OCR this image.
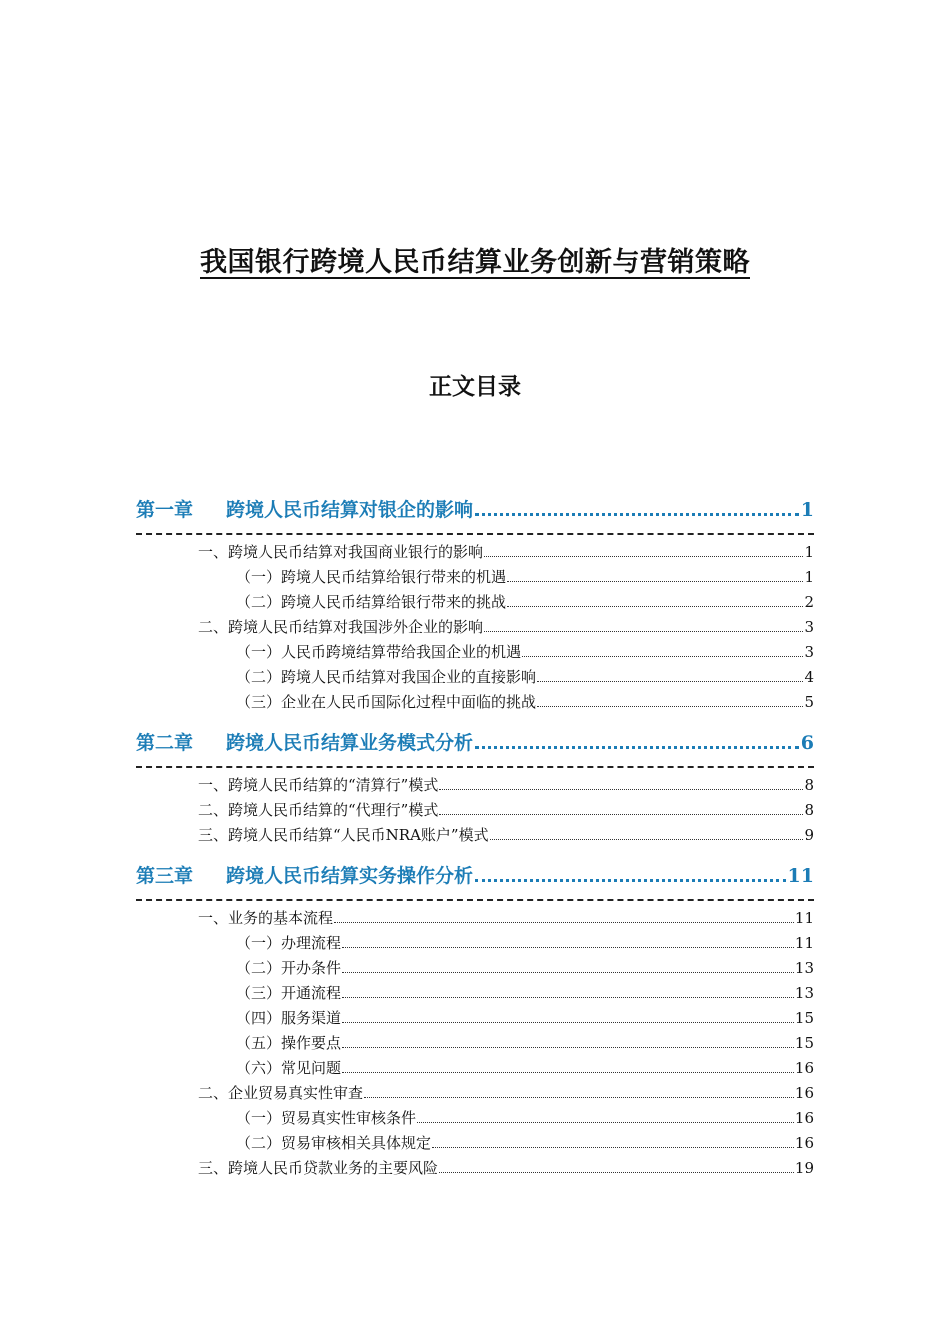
我国银行跨境人民币结算业务创新与营销策略
正文目录
第一章	跨境人民币结算对银企的影响	1
一、跨境人民币结算对我国商业银行的影响	1
（一）跨境人民币结算给银行带来的机遇	1
（二）跨境人民币结算给银行带来的挑战	2
二、跨境人民币结算对我国涉外企业的影响	3
（一）人民币跨境结算带给我国企业的机遇	3
（二）跨境人民币结算对我国企业的直接影响	4
（三）企业在人民币国际化过程中面临的挑战	5
第二章	跨境人民币结算业务模式分析	6
一、跨境人民币结算的“清算行”模式	8
二、跨境人民币结算的“代理行”模式	8
三、跨境人民币结算“人民币NRA账户”模式	9
第三章	跨境人民币结算实务操作分析	11
一、业务的基本流程	11
（一）办理流程	11
（二）开办条件	13
（三）开通流程	13
（四）服务渠道	15
（五）操作要点	15
（六）常见问题	16
二、企业贸易真实性审查	16
（一）贸易真实性审核条件	16
（二）贸易审核相关具体规定	16
三、跨境人民币贷款业务的主要风险	19
